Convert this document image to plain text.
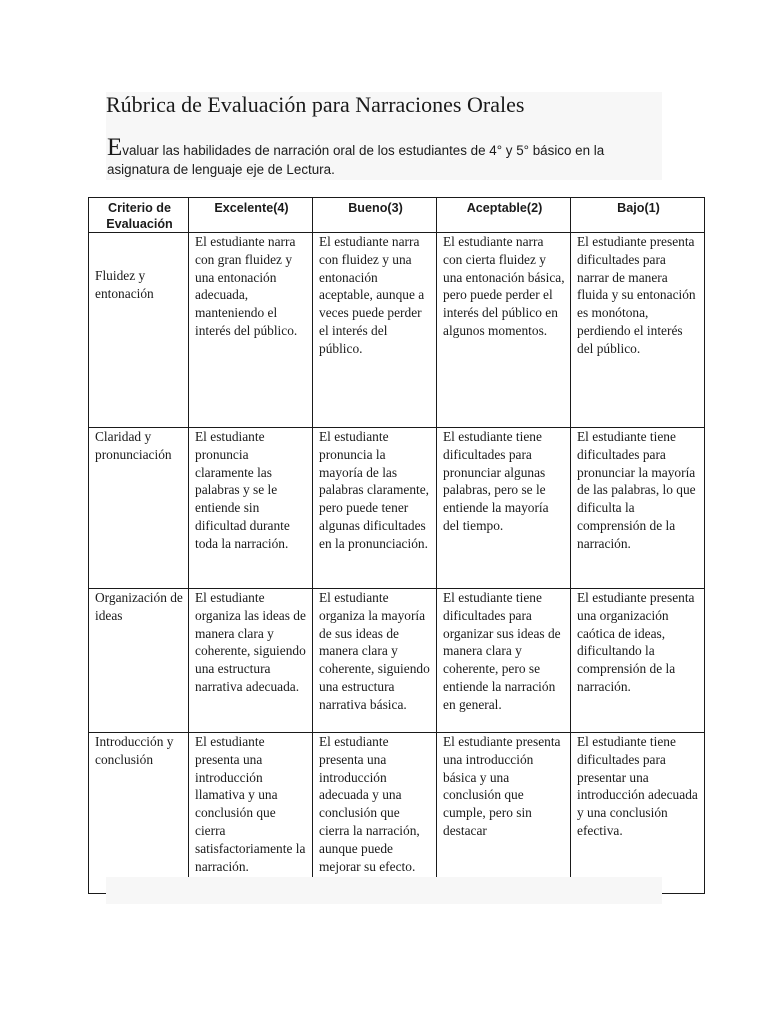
Rúbrica de Evaluación para Narraciones Orales

Evaluar las habilidades de narración oral de los estudiantes de 4° y 5° básico en la asignatura de lenguaje eje de Lectura.

Criterio de Evaluación	Excelente(4)	Bueno(3)	Aceptable(2)	Bajo(1)
Fluidez y entonación	El estudiante narra con gran fluidez y una entonación adecuada, manteniendo el interés del público.	El estudiante narra con fluidez y una entonación aceptable, aunque a veces puede perder el interés del público.	El estudiante narra con cierta fluidez y una entonación básica, pero puede perder el interés del público en algunos momentos.	El estudiante presenta dificultades para narrar de manera fluida y su entonación es monótona, perdiendo el interés del público.
Claridad y pronunciación	El estudiante pronuncia claramente las palabras y se le entiende sin dificultad durante toda la narración.	El estudiante pronuncia la mayoría de las palabras claramente, pero puede tener algunas dificultades en la pronunciación.	El estudiante tiene dificultades para pronunciar algunas palabras, pero se le entiende la mayoría del tiempo.	El estudiante tiene dificultades para pronunciar la mayoría de las palabras, lo que dificulta la comprensión de la narración.
Organización de ideas	El estudiante organiza las ideas de manera clara y coherente, siguiendo una estructura narrativa adecuada.	El estudiante organiza la mayoría de sus ideas de manera clara y coherente, siguiendo una estructura narrativa básica.	El estudiante tiene dificultades para organizar sus ideas de manera clara y coherente, pero se entiende la narración en general.	El estudiante presenta una organización caótica de ideas, dificultando la comprensión de la narración.
Introducción y conclusión	El estudiante presenta una introducción llamativa y una conclusión que cierra satisfactoriamente la narración.	El estudiante presenta una introducción adecuada y una conclusión que cierra la narración, aunque puede mejorar su efecto.	El estudiante presenta una introducción básica y una conclusión que cumple, pero sin destacar	El estudiante tiene dificultades para presentar una introducción adecuada y una conclusión efectiva.
